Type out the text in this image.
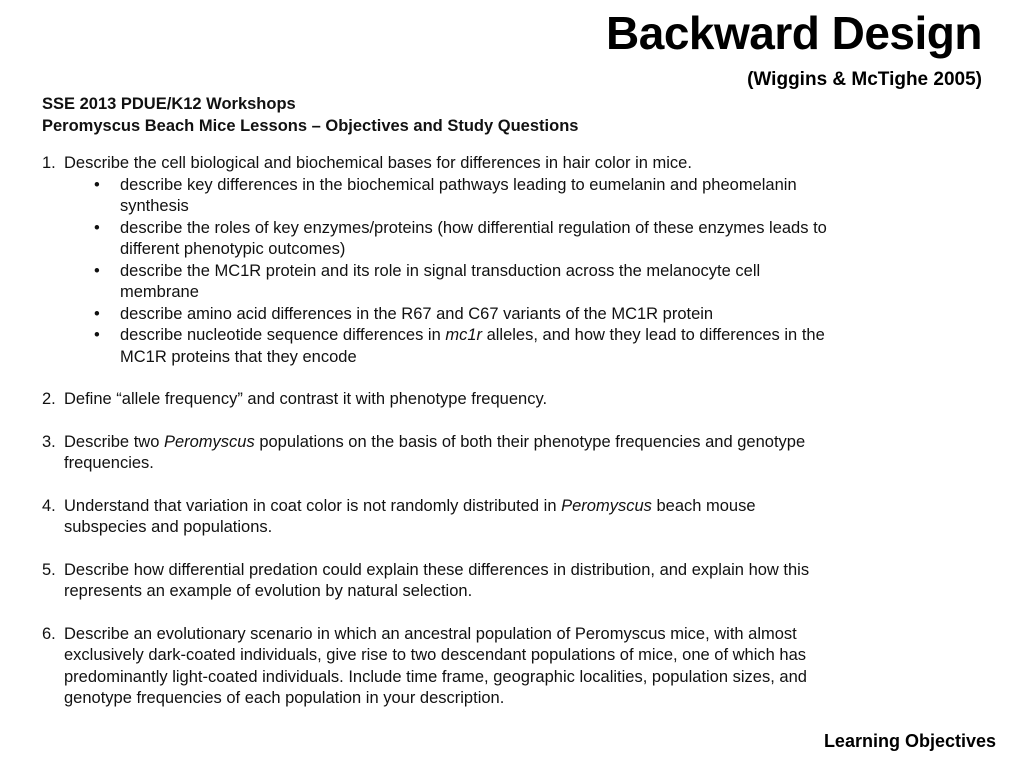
Backward Design

(Wiggins & McTighe 2005)

SSE 2013 PDUE/K12 Workshops

Peromyscus Beach Mice Lessons – Objectives and Study Questions

1. Describe the cell biological and biochemical bases for differences in hair color in mice.
• describe key differences in the biochemical pathways leading to eumelanin and pheomelanin synthesis
• describe the roles of key enzymes/proteins (how differential regulation of these enzymes leads to different phenotypic outcomes)
• describe the MC1R protein and its role in signal transduction across the melanocyte cell membrane
• describe amino acid differences in the R67 and C67 variants of the MC1R protein
• describe nucleotide sequence differences in mc1r alleles, and how they lead to differences in the MC1R proteins that they encode
2. Define “allele frequency” and contrast it with phenotype frequency.
3. Describe two Peromyscus populations on the basis of both their phenotype frequencies and genotype frequencies.
4. Understand that variation in coat color is not randomly distributed in Peromyscus beach mouse subspecies and populations.
5. Describe how differential predation could explain these differences in distribution, and explain how this represents an example of evolution by natural selection.
6. Describe an evolutionary scenario in which an ancestral population of Peromyscus mice, with almost exclusively dark-coated individuals, give rise to two descendant populations of mice, one of which has predominantly light-coated individuals. Include time frame, geographic localities, population sizes, and genotype frequencies of each population in your description.

Learning Objectives
